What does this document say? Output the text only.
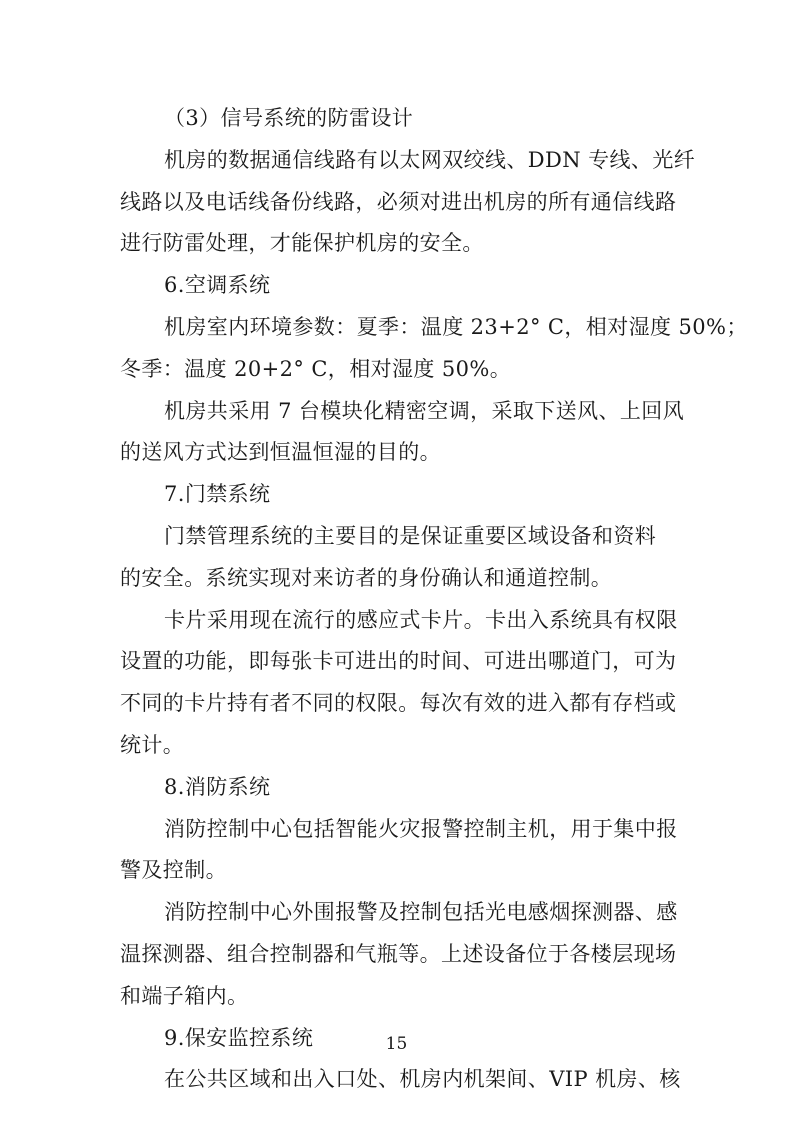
（3）信号系统的防雷设计
机房的数据通信线路有以太网双绞线、DDN 专线、光纤
线路以及电话线备份线路，必须对进出机房的所有通信线路
进行防雷处理，才能保护机房的安全。
6.空调系统
机房室内环境参数：夏季：温度 23+2° C，相对湿度 50%；
冬季：温度 20+2° C，相对湿度 50%。
机房共采用 7 台模块化精密空调，采取下送风、上回风
的送风方式达到恒温恒湿的目的。
7.门禁系统
门禁管理系统的主要目的是保证重要区域设备和资料
的安全。系统实现对来访者的身份确认和通道控制。
卡片采用现在流行的感应式卡片。卡出入系统具有权限
设置的功能，即每张卡可进出的时间、可进出哪道门，可为
不同的卡片持有者不同的权限。每次有效的进入都有存档或
统计。
8.消防系统
消防控制中心包括智能火灾报警控制主机，用于集中报
警及控制。
消防控制中心外围报警及控制包括光电感烟探测器、感
温探测器、组合控制器和气瓶等。上述设备位于各楼层现场
和端子箱内。
9.保安监控系统
在公共区域和出入口处、机房内机架间、VIP 机房、核
15
